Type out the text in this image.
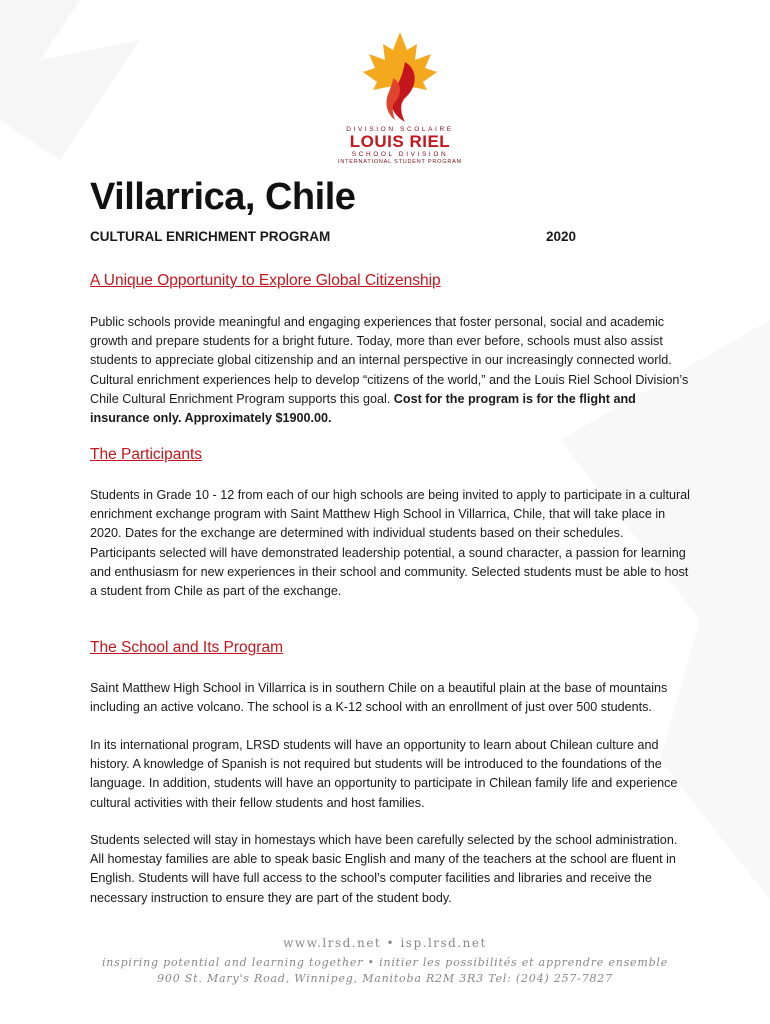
DIVISION SCOLAIRE
LOUIS RIEL
SCHOOL DIVISION
INTERNATIONAL STUDENT PROGRAM
Villarrica, Chile
CULTURAL ENRICHMENT PROGRAM	2020
A Unique Opportunity to Explore Global Citizenship

Public schools provide meaningful and engaging experiences that foster personal, social and academic growth and prepare students for a bright future. Today, more than ever before, schools must also assist students to appreciate global citizenship and an internal perspective in our increasingly connected world. Cultural enrichment experiences help to develop “citizens of the world,” and the Louis Riel School Division’s Chile Cultural Enrichment Program supports this goal. Cost for the program is for the flight and insurance only. Approximately $1900.00.

The Participants

Students in Grade 10 - 12 from each of our high schools are being invited to apply to participate in a cultural enrichment exchange program with Saint Matthew High School in Villarrica, Chile, that will take place in 2020. Dates for the exchange are determined with individual students based on their schedules. Participants selected will have demonstrated leadership potential, a sound character, a passion for learning and enthusiasm for new experiences in their school and community. Selected students must be able to host a student from Chile as part of the exchange.

The School and Its Program

Saint Matthew High School in Villarrica is in southern Chile on a beautiful plain at the base of mountains including an active volcano. The school is a K-12 school with an enrollment of just over 500 students.

In its international program, LRSD students will have an opportunity to learn about Chilean culture and history. A knowledge of Spanish is not required but students will be introduced to the foundations of the language. In addition, students will have an opportunity to participate in Chilean family life and experience cultural activities with their fellow students and host families.

Students selected will stay in homestays which have been carefully selected by the school administration. All homestay families are able to speak basic English and many of the teachers at the school are fluent in English. Students will have full access to the school’s computer facilities and libraries and receive the necessary instruction to ensure they are part of the student body.

www.lrsd.net • isp.lrsd.net
inspiring potential and learning together • initier les possibilités et apprendre ensemble
900 St. Mary's Road, Winnipeg, Manitoba R2M 3R3 Tel: (204) 257-7827
